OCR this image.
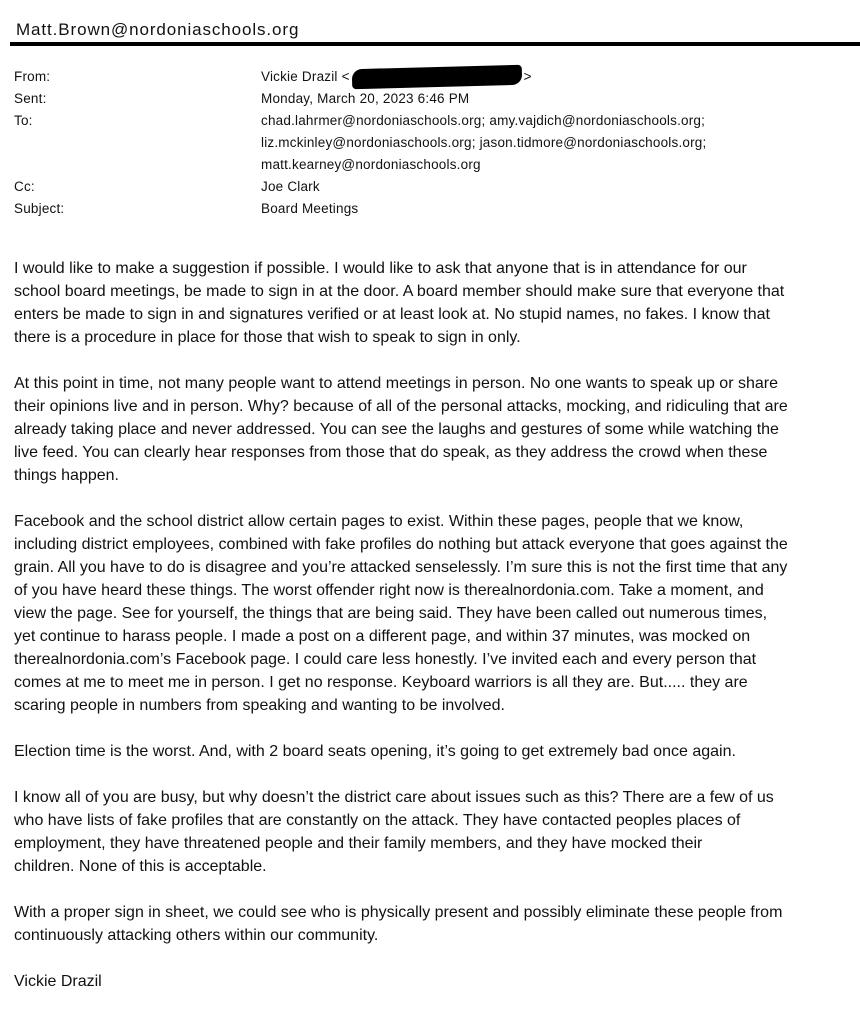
Matt.Brown@nordoniaschools.org
From:	Vickie Drazil <	>
Sent:	Monday, March 20, 2023 6:46 PM
To:	chad.lahrmer@nordoniaschools.org; amy.vajdich@nordoniaschools.org;
liz.mckinley@nordoniaschools.org; jason.tidmore@nordoniaschools.org;
matt.kearney@nordoniaschools.org
Cc:	Joe Clark
Subject:	Board Meetings

I would like to make a suggestion if possible. I would like to ask that anyone that is in attendance for our
school board meetings, be made to sign in at the door. A board member should make sure that everyone that
enters be made to sign in and signatures verified or at least look at. No stupid names, no fakes. I know that
there is a procedure in place for those that wish to speak to sign in only.

At this point in time, not many people want to attend meetings in person. No one wants to speak up or share
their opinions live and in person. Why? because of all of the personal attacks, mocking, and ridiculing that are
already taking place and never addressed. You can see the laughs and gestures of some while watching the
live feed. You can clearly hear responses from those that do speak, as they address the crowd when these
things happen.

Facebook and the school district allow certain pages to exist. Within these pages, people that we know,
including district employees, combined with fake profiles do nothing but attack everyone that goes against the
grain. All you have to do is disagree and you’re attacked senselessly. I’m sure this is not the first time that any
of you have heard these things. The worst offender right now is therealnordonia.com. Take a moment, and
view the page. See for yourself, the things that are being said. They have been called out numerous times,
yet continue to harass people. I made a post on a different page, and within 37 minutes, was mocked on
therealnordonia.com’s Facebook page. I could care less honestly. I’ve invited each and every person that
comes at me to meet me in person. I get no response. Keyboard warriors is all they are. But..... they are
scaring people in numbers from speaking and wanting to be involved.

Election time is the worst. And, with 2 board seats opening, it’s going to get extremely bad once again.

I know all of you are busy, but why doesn’t the district care about issues such as this? There are a few of us
who have lists of fake profiles that are constantly on the attack. They have contacted peoples places of
employment, they have threatened people and their family members, and they have mocked their
children. None of this is acceptable.

With a proper sign in sheet, we could see who is physically present and possibly eliminate these people from
continuously attacking others within our community.

Vickie Drazil
